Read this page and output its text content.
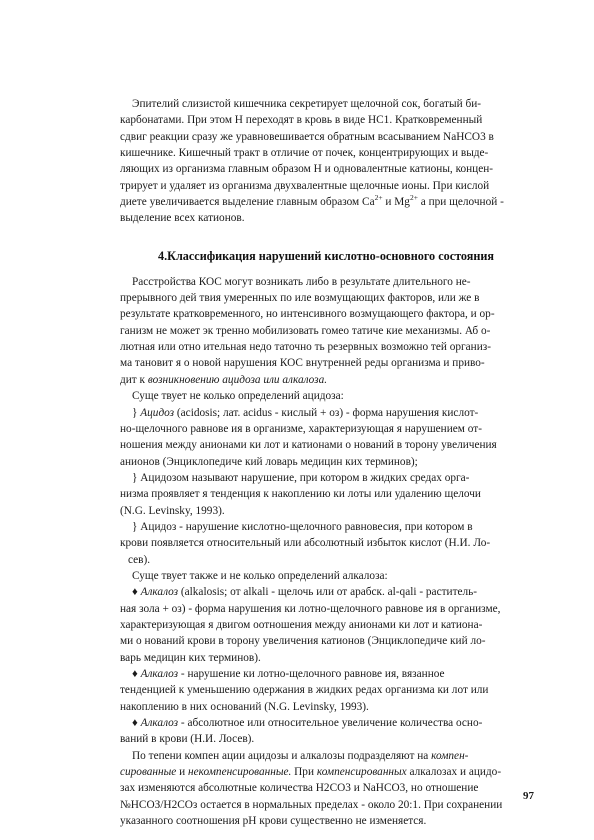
Эпителий слизистой кишечника секретирует щелочной сок, богатый би-
карбонатами. При этом Н переходят в кровь в виде НС1. Кратковременный
сдвиг реакции сразу же уравновешивается обратным всасыванием NaHCO3 в
кишечнике. Кишечный тракт в отличие от почек, концентрирующих и выде-
ляющих из организма главным образом Н и одновалентные катионы, концен-
трирует и удаляет из организма двухвалентные щелочные ионы. При кислой
диете увеличивается выделение главным образом $Ca^{2+}$ и $Mg^{2+}$ а при щелочной -
выделение всех катионов.

4.Классификация нарушений кислотно-основного состояния

Расстройства КОС могут возникать либо в результате длительного не-
прерывного дей твия умеренных по иле возмущающих факторов, или же в
результате кратковременного, но интенсивного возмущающего фактора, и ор-
ганизм не может эк тренно мобилизовать гомео татиче кие механизмы. Аб о-
лютная или отно ительная недо таточно ть резервных возможно тей организ-
ма тановит я о новой нарушения КОС внутренней реды организма и приво-
дит к возникновению ацидоза или алкалоза.

Суще твует не колько определений ацидоза:

} Ацидоз (acidosis; лат. acidus - кислый + оз) - форма нарушения кислот-
но-щелочного равнове ия в организме, характеризующая я нарушением от-
ношения между анионами ки лот и катионами о нований в торону увеличения
анионов (Энциклопедиче кий ловарь медицин ких терминов);

} Ацидозом называют нарушение, при котором в жидких средах орга-
низма проявляет я тенденция к накоплению ки лоты или удалению щелочи
(N.G. Levinsky, 1993).

} Ацидоз - нарушение кислотно-щелочного равновесия, при котором в
крови появляется относительный или абсолютный избыток кислот (Н.И. Ло-
сев).

Суще твует также и не колько определений алкалоза:

♦ Алкалоз (alkalosis; от alkali - щелочь или от арабск. al-qali - раститель-
ная зола + оз) - форма нарушения ки лотно-щелочного равнове ия в организме,
характеризующая я двигом оотношения между анионами ки лот и катиона-
ми о нований крови в торону увеличения катионов (Энциклопедиче кий ло-
варь медицин ких терминов).

♦ Алкалоз - нарушение ки лотно-щелочного равнове ия, вязанное
тенденцией к уменьшению одержания в жидких редах организма ки лот или
накоплению в них оснований (N.G. Levinsky, 1993).

♦ Алкалоз - абсолютное или относительное увеличение количества осно-
ваний в крови (Н.И. Лосев).

По тепени компен ации ацидозы и алкалозы подразделяют на компен-
сированные и некомпенсированные. При компенсированных алкалозах и ацидо-
зах изменяются абсолютные количества Н2СО3 и NaHCO3, но отношение
№НСОЗ/Н2СОз остается в нормальных пределах - около 20:1. При сохранении
указанного соотношения рН крови существенно не изменяется.

97
